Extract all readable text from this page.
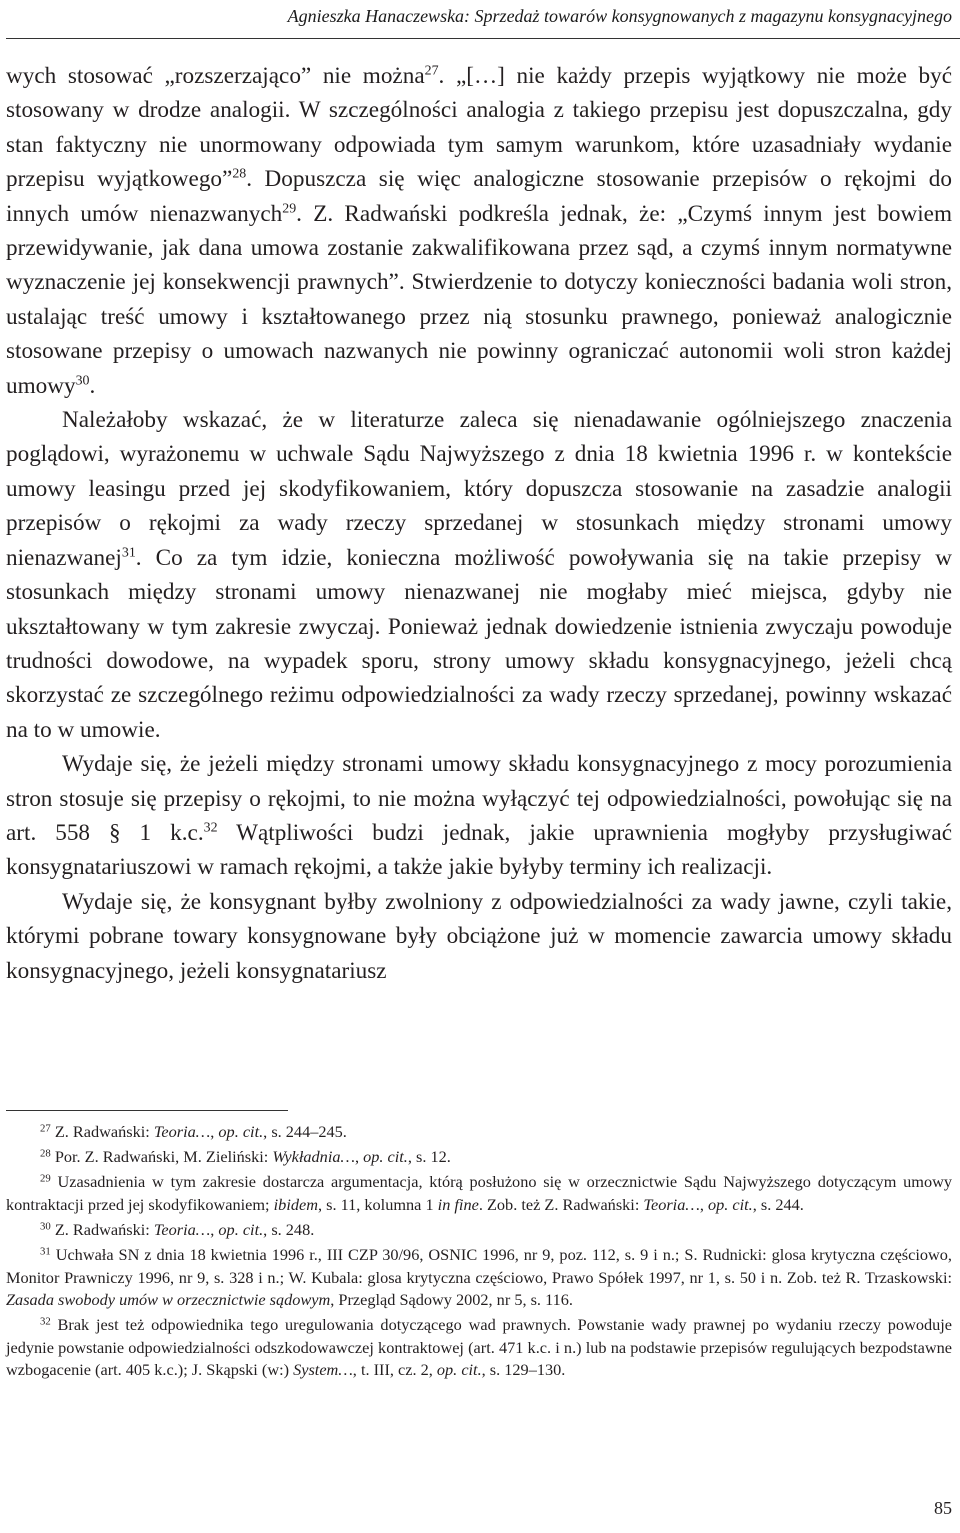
Agnieszka Hanaczewska: Sprzedaż towarów konsygnowanych z magazynu konsygnacyjnego

wych stosować „rozszerzająco” nie można$^{27}$. „[…] nie każdy przepis wyjątkowy nie może być stosowany w drodze analogii. W szczególności analogia z takiego przepisu jest dopuszczalna, gdy stan faktyczny nie unormowany odpowiada tym samym warunkom, które uzasadniały wydanie przepisu wyjątkowego”$^{28}$. Dopuszcza się więc analogiczne stosowanie przepisów o rękojmi do innych umów nienazwanych$^{29}$. Z. Radwański podkreśla jednak, że: „Czymś innym jest bowiem przewidywanie, jak dana umowa zostanie zakwalifikowana przez sąd, a czymś innym normatywne wyznaczenie jej konsekwencji prawnych”. Stwierdzenie to dotyczy konieczności badania woli stron, ustalając treść umowy i kształtowanego przez nią stosunku prawnego, ponieważ analogicznie stosowane przepisy o umowach nazwanych nie powinny ograniczać autonomii woli stron każdej umowy$^{30}$.

Należałoby wskazać, że w literaturze zaleca się nienadawanie ogólniejszego znaczenia poglądowi, wyrażonemu w uchwale Sądu Najwyższego z dnia 18 kwietnia 1996 r. w kontekście umowy leasingu przed jej skodyfikowaniem, który dopuszcza stosowanie na zasadzie analogii przepisów o rękojmi za wady rzeczy sprzedanej w stosunkach między stronami umowy nienazwanej$^{31}$. Co za tym idzie, konieczna możliwość powoływania się na takie przepisy w stosunkach między stronami umowy nienazwanej nie mogłaby mieć miejsca, gdyby nie ukształtowany w tym zakresie zwyczaj. Ponieważ jednak dowiedzenie istnienia zwyczaju powoduje trudności dowodowe, na wypadek sporu, strony umowy składu konsygnacyjnego, jeżeli chcą skorzystać ze szczególnego reżimu odpowiedzialności za wady rzeczy sprzedanej, powinny wskazać na to w umowie.

Wydaje się, że jeżeli między stronami umowy składu konsygnacyjnego z mocy porozumienia stron stosuje się przepisy o rękojmi, to nie można wyłączyć tej odpowiedzialności, powołując się na art. 558 § 1 k.c.$^{32}$ Wątpliwości budzi jednak, jakie uprawnienia mogłyby przysługiwać konsygnatariuszowi w ramach rękojmi, a także jakie byłyby terminy ich realizacji.

Wydaje się, że konsygnant byłby zwolniony z odpowiedzialności za wady jawne, czyli takie, którymi pobrane towary konsygnowane były obciążone już w momencie zawarcia umowy składu konsygnacyjnego, jeżeli konsygnatariusz

$^{27}$ Z. Radwański: Teoria…, op. cit., s. 244–245.

$^{28}$ Por. Z. Radwański, M. Zieliński: Wykładnia…, op. cit., s. 12.

$^{29}$ Uzasadnienia w tym zakresie dostarcza argumentacja, którą posłużono się w orzecznictwie Sądu Najwyższego dotyczącym umowy kontraktacji przed jej skodyfikowaniem; ibidem, s. 11, kolumna 1 in fine. Zob. też Z. Radwański: Teoria…, op. cit., s. 244.

$^{30}$ Z. Radwański: Teoria…, op. cit., s. 248.

$^{31}$ Uchwała SN z dnia 18 kwietnia 1996 r., III CZP 30/96, OSNIC 1996, nr 9, poz. 112, s. 9 i n.; S. Rudnicki: glosa krytyczna częściowo, Monitor Prawniczy 1996, nr 9, s. 328 i n.; W. Kubala: glosa krytyczna częściowo, Prawo Spółek 1997, nr 1, s. 50 i n. Zob. też R. Trzaskowski: Zasada swobody umów w orzecznictwie sądowym, Przegląd Sądowy 2002, nr 5, s. 116.

$^{32}$ Brak jest też odpowiednika tego uregulowania dotyczącego wad prawnych. Powstanie wady prawnej po wydaniu rzeczy powoduje jedynie powstanie odpowiedzialności odszkodowawczej kontraktowej (art. 471 k.c. i n.) lub na podstawie przepisów regulujących bezpodstawne wzbogacenie (art. 405 k.c.); J. Skąpski (w:) System…, t. III, cz. 2, op. cit., s. 129–130.

85
